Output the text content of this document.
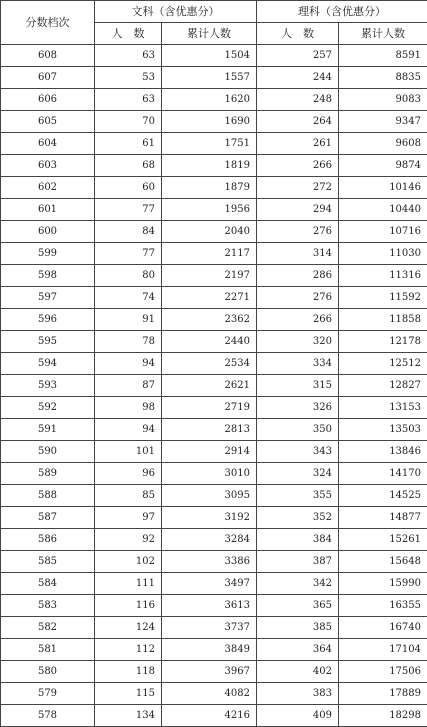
分数档次	文科（含优惠分）		理科（含优惠分）	
	人　数	累计人数	人　数	累计人数
608	63	1504	257	8591
607	53	1557	244	8835
606	63	1620	248	9083
605	70	1690	264	9347
604	61	1751	261	9608
603	68	1819	266	9874
602	60	1879	272	10146
601	77	1956	294	10440
600	84	2040	276	10716
599	77	2117	314	11030
598	80	2197	286	11316
597	74	2271	276	11592
596	91	2362	266	11858
595	78	2440	320	12178
594	94	2534	334	12512
593	87	2621	315	12827
592	98	2719	326	13153
591	94	2813	350	13503
590	101	2914	343	13846
589	96	3010	324	14170
588	85	3095	355	14525
587	97	3192	352	14877
586	92	3284	384	15261
585	102	3386	387	15648
584	111	3497	342	15990
583	116	3613	365	16355
582	124	3737	385	16740
581	112	3849	364	17104
580	118	3967	402	17506
579	115	4082	383	17889
578	134	4216	409	18298
